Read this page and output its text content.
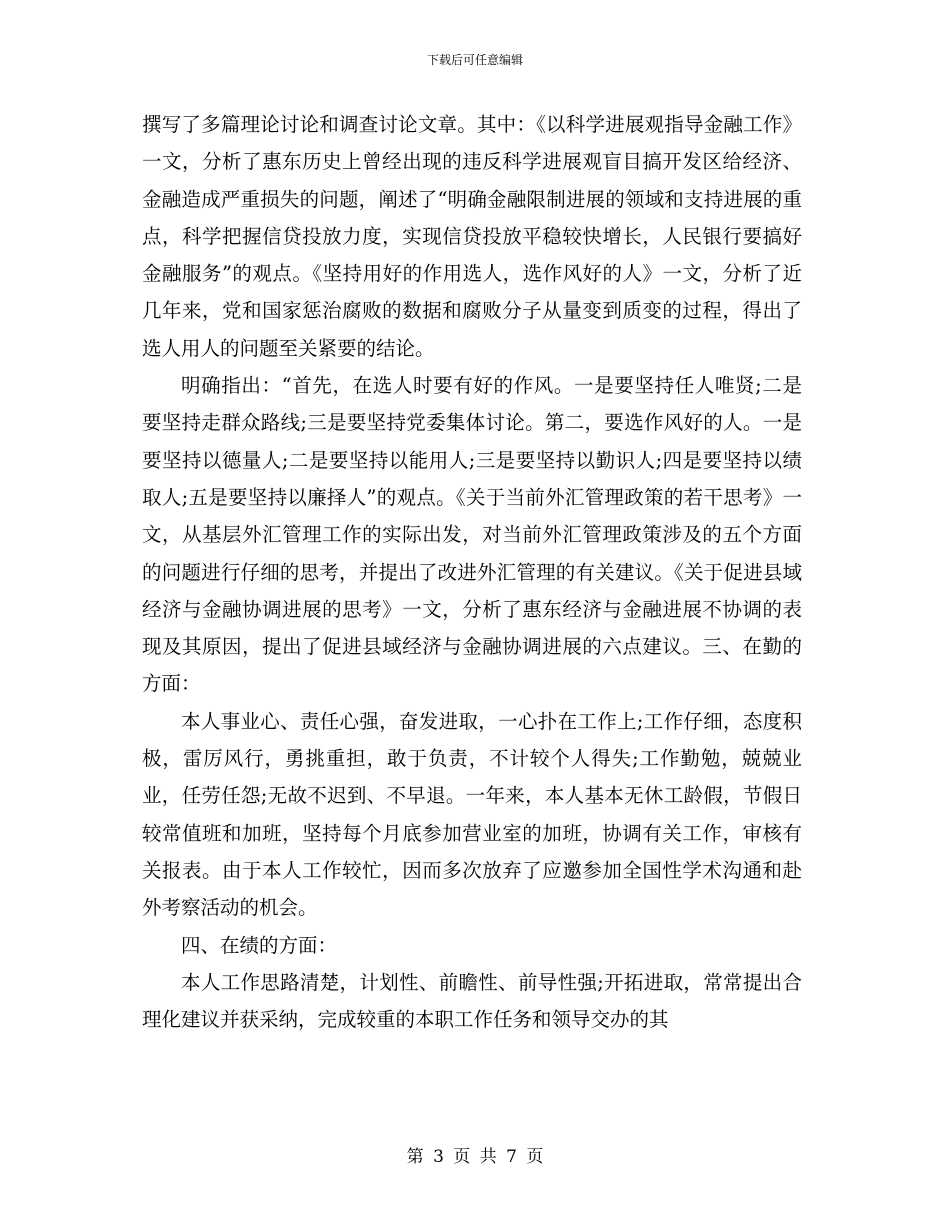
下载后可任意编辑

撰写了多篇理论讨论和调查讨论文章。其中：《以科学进展观指导金融工作》一文，分析了惠东历史上曾经出现的违反科学进展观盲目搞开发区给经济、金融造成严重损失的问题，阐述了“明确金融限制进展的领域和支持进展的重点，科学把握信贷投放力度，实现信贷投放平稳较快增长，人民银行要搞好金融服务”的观点。《坚持用好的作用选人，选作风好的人》一文，分析了近几年来，党和国家惩治腐败的数据和腐败分子从量变到质变的过程，得出了选人用人的问题至关紧要的结论。

明确指出：“首先，在选人时要有好的作风。一是要坚持任人唯贤;二是要坚持走群众路线;三是要坚持党委集体讨论。第二，要选作风好的人。一是要坚持以德量人;二是要坚持以能用人;三是要坚持以勤识人;四是要坚持以绩取人;五是要坚持以廉择人”的观点。《关于当前外汇管理政策的若干思考》一文，从基层外汇管理工作的实际出发，对当前外汇管理政策涉及的五个方面的问题进行仔细的思考，并提出了改进外汇管理的有关建议。《关于促进县域经济与金融协调进展的思考》一文，分析了惠东经济与金融进展不协调的表现及其原因，提出了促进县域经济与金融协调进展的六点建议。三、在勤的方面：

本人事业心、责任心强，奋发进取，一心扑在工作上;工作仔细，态度积极，雷厉风行，勇挑重担，敢于负责，不计较个人得失;工作勤勉，兢兢业业，任劳任怨;无故不迟到、不早退。一年来，本人基本无休工龄假，节假日较常值班和加班，坚持每个月底参加营业室的加班，协调有关工作，审核有关报表。由于本人工作较忙，因而多次放弃了应邀参加全国性学术沟通和赴外考察活动的机会。

四、在绩的方面：

本人工作思路清楚，计划性、前瞻性、前导性强;开拓进取，常常提出合理化建议并获采纳，完成较重的本职工作任务和领导交办的其

第 3 页 共 7 页
